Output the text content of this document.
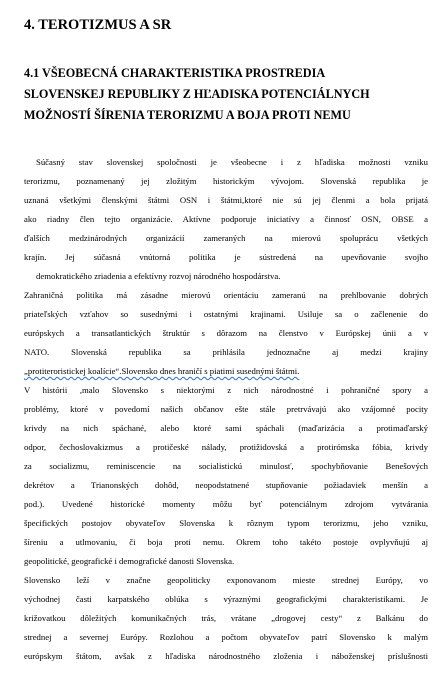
4. TEROTIZMUS A SR
4.1 VŠEOBECNÁ CHARAKTERISTIKA PROSTREDIA
SLOVENSKEJ REPUBLIKY Z HĽADISKA POTENCIÁLNYCH
MOŽNOSTÍ ŠÍRENIA TERORIZMU A BOJA PROTI NEMU
Súčasný stav slovenskej spoločnosti je všeobecne i z hľadiska možnosti vzniku
terorizmu, poznamenaný jej zložitým historickým vývojom. Slovenská republika je
uznaná všetkými členskými štátmi OSN i štátmi,ktoré nie sú jej členmi a bola prijatá
ako riadny člen tejto organizácie. Aktívne podporuje iniciatívy a činnosť OSN, OBSE a
ďalších medzinárodných organizácií zameraných na mierovú spoluprácu všetkých
krajín. Jej súčasná vnútorná politika je sústredená na upevňovanie svojho
demokratického zriadenia a efektívny rozvoj národného hospodárstva.
Zahraničná politika má zásadne mierovú orientáciu zameranú na prehlbovanie dobrých
priateľských vzťahov so susednými i ostatnými krajinami. Usiluje sa o začlenenie do
európskych a transatlantických štruktúr s dôrazom na členstvo v Európskej únii a v
NATO. Slovenská republika sa prihlásila jednoznačne aj medzi krajiny
„protiteroristickej koalície“.Slovensko dnes hraničí s piatimi susednými štátmi.
V histórii ,malo Slovensko s niektorými z nich národnostné i pohraničné spory a
problémy, ktoré v povedomí našich občanov ešte stále pretrvávajú ako vzájomné pocity
krivdy na nich spáchané, alebo ktoré sami spáchali (maďarizácia a protimaďarský
odpor, čechoslovakizmus a protičeské nálady, protižidovská a protirómska fóbia, krivdy
za socializmu, reminiscencie na socialistickú minulosť, spochybňovanie Benešových
dekrétov a Trianonských dohôd, neopodstatnené stupňovanie požiadaviek menšín a
pod.). Uvedené historické momenty môžu byť potenciálnym zdrojom vytvárania
špecifických postojov obyvateľov Slovenska k rôznym typom terorizmu, jeho vzniku,
šíreniu a utlmovaniu, či boja proti nemu. Okrem toho takéto postoje ovplyvňujú aj
geopolitické, geografické i demografické danosti Slovenska.
Slovensko leží v značne geopoliticky exponovanom mieste strednej Európy, vo
východnej časti karpatského oblúka s výraznými geografickými charakteristikami. Je
križovatkou dôležitých komunikačných trás, vrátane „drogovej cesty“ z Balkánu do
strednej a severnej Európy. Rozlohou a počtom obyvateľov patrí Slovensko k malým
európskym štátom, avšak z hľadiska národnostného zloženia i náboženskej príslušnosti
